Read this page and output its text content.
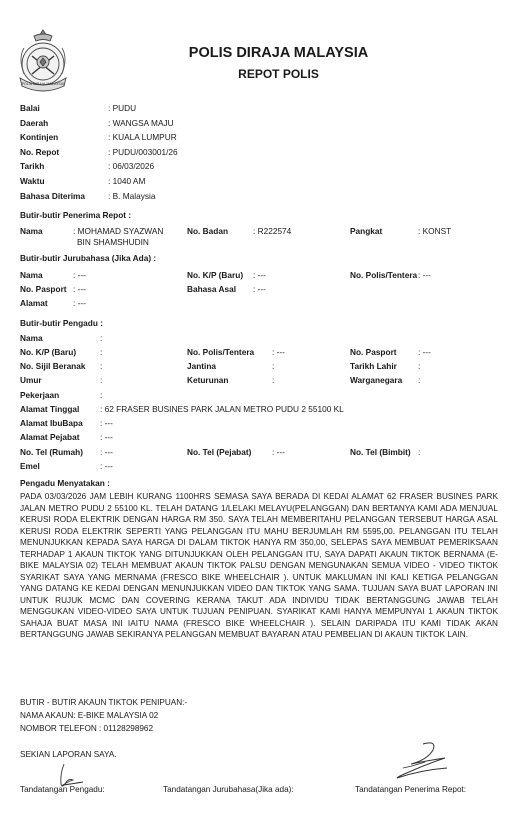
POLIS DIRAJA MALAYSIA
POLIS DIRAJA MALAYSIA
REPOT POLIS
Balai	: PUDU
Daerah	: WANGSA MAJU
Kontinjen	: KUALA LUMPUR
No. Repot	: PUDU/003001/26
Tarikh	: 06/03/2026
Waktu	: 1040 AM
Bahasa Diterima	: B. Malaysia
Butir-butir Penerima Repot :
Nama	: MOHAMAD SYAZWAN
BIN SHAMSHUDIN
No. Badan	: R222574	Pangkat	: KONST
Butir-butir Jurubahasa (Jika Ada) :
Nama	: ---	No. K/P (Baru) : ---	No. Polis/Tentera : ---
No. Pasport : ---	Bahasa Asal : ---
Alamat	: ---
Butir-butir Pengadu :
Nama	:
No. K/P (Baru)	:	No. Polis/Tentera : ---	No. Pasport	: ---
No. Sijil Beranak :	Jantina	:	Tarikh Lahir	:
Umur	:	Keturunan	:	Warganegara :
Pekerjaan	:
Alamat Tinggal : 62 FRASER BUSINES PARK JALAN METRO PUDU 2 55100 KL
Alamat IbuBapa : ---
Alamat Pejabat : ---
No. Tel (Rumah) : ---	No. Tel (Pejabat) : ---	No. Tel (Bimbit) :
Emel	: ---
Pengadu Menyatakan :
PADA 03/03/2026 JAM LEBIH KURANG 1100HRS SEMASA SAYA BERADA DI KEDAI ALAMAT 62 FRASER BUSINES PARK JALAN METRO PUDU 2 55100 KL. TELAH DATANG 1/LELAKI MELAYU(PELANGGAN) DAN BERTANYA KAMI ADA MENJUAL KERUSI RODA ELEKTRIK DENGAN HARGA RM 350. SAYA TELAH MEMBERITAHU PELANGGAN TERSEBUT HARGA ASAL KERUSI RODA ELEKTRIK SEPERTI YANG PELANGGAN ITU MAHU BERJUMLAH RM 5595,00. PELANGGAN ITU TELAH MENUNJUKKAN KEPADA SAYA HARGA DI DALAM TIKTOK HANYA RM 350,00, SELEPAS SAYA MEMBUAT PEMERIKSAAN TERHADAP 1 AKAUN TIKTOK YANG DITUNJUKKAN OLEH PELANGGAN ITU, SAYA DAPATI AKAUN TIKTOK BERNAMA (E-BIKE MALAYSIA 02) TELAH MEMBUAT AKAUN TIKTOK PALSU DENGAN MENGUNAKAN SEMUA VIDEO - VIDEO TIKTOK SYARIKAT SAYA YANG MERNAMA (FRESCO BIKE WHEELCHAIR ). UNTUK MAKLUMAN INI KALI KETIGA PELANGGAN YANG DATANG KE KEDAI DENGAN MENUNJUKKAN VIDEO DAN TIKTOK YANG SAMA. TUJUAN SAYA BUAT LAPORAN INI UNTUK RUJUK MCMC DAN COVERING KERANA TAKUT ADA INDIVIDU TIDAK BERTANGGUNG JAWAB TELAH MENGGUKAN VIDEO-VIDEO SAYA UNTUK TUJUAN PENIPUAN. SYARIKAT KAMI HANYA MEMPUNYAI 1 AKAUN TIKTOK SAHAJA BUAT MASA INI IAITU NAMA (FRESCO BIKE WHEELCHAIR ). SELAIN DARIPADA ITU KAMI TIDAK AKAN BERTANGGUNG JAWAB SEKIRANYA PELANGGAN MEMBUAT BAYARAN ATAU PEMBELIAN DI AKAUN TIKTOK LAIN.
BUTIR - BUTIR AKAUN TIKTOK PENIPUAN:-
NAMA AKAUN: E-BIKE MALAYSIA 02
NOMBOR TELEFON : 01128298962
SEKIAN LAPORAN SAYA.
Tandatangan Pengadu:	Tandatangan Jurubahasa(Jika ada):	Tandatangan Penerima Repot:
